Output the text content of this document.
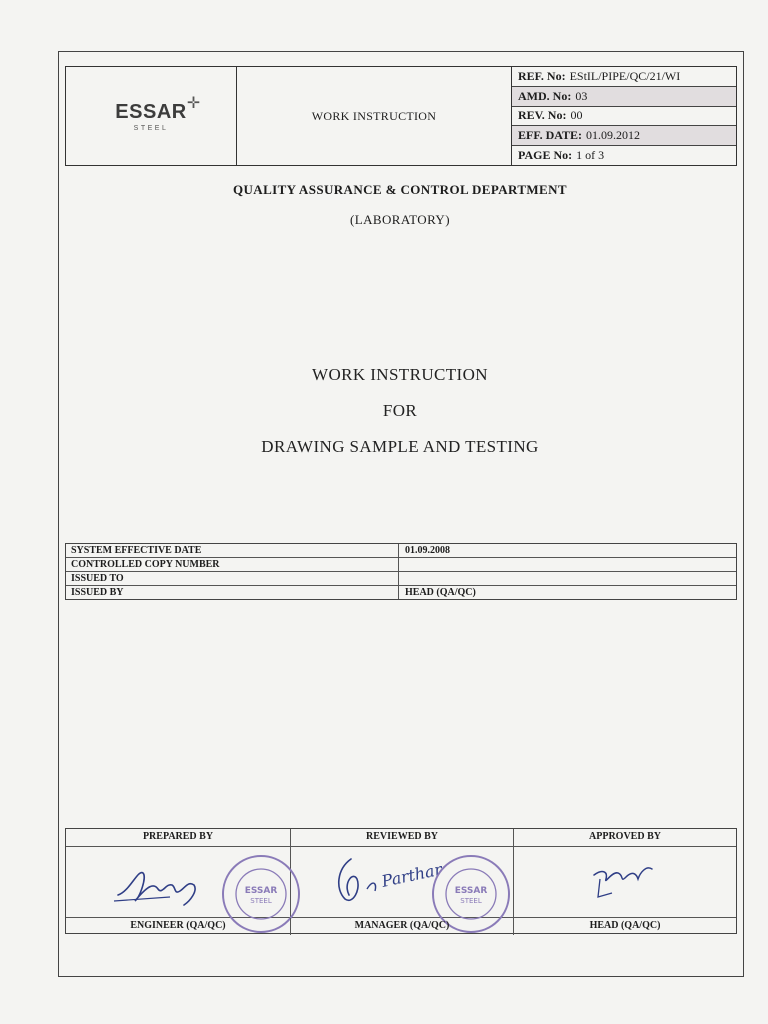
ESSAR ✛
STEEL
WORK INSTRUCTION
REF. No: EStIL/PIPE/QC/21/WI
AMD. No: 03
REV. No: 00
EFF. DATE: 01.09.2012
PAGE No: 1 of 3
QUALITY ASSURANCE & CONTROL DEPARTMENT
(LABORATORY)
WORK INSTRUCTION
FOR
DRAWING SAMPLE AND TESTING
SYSTEM EFFECTIVE DATE	01.09.2008
CONTROLLED COPY NUMBER
ISSUED TO
ISSUED BY	HEAD (QA/QC)
PREPARED BY	REVIEWED BY	APPROVED BY
ESSAR
STEEL
Parthar
ESSAR
STEEL
ENGINEER (QA/QC)	MANAGER (QA/QC)	HEAD (QA/QC)
